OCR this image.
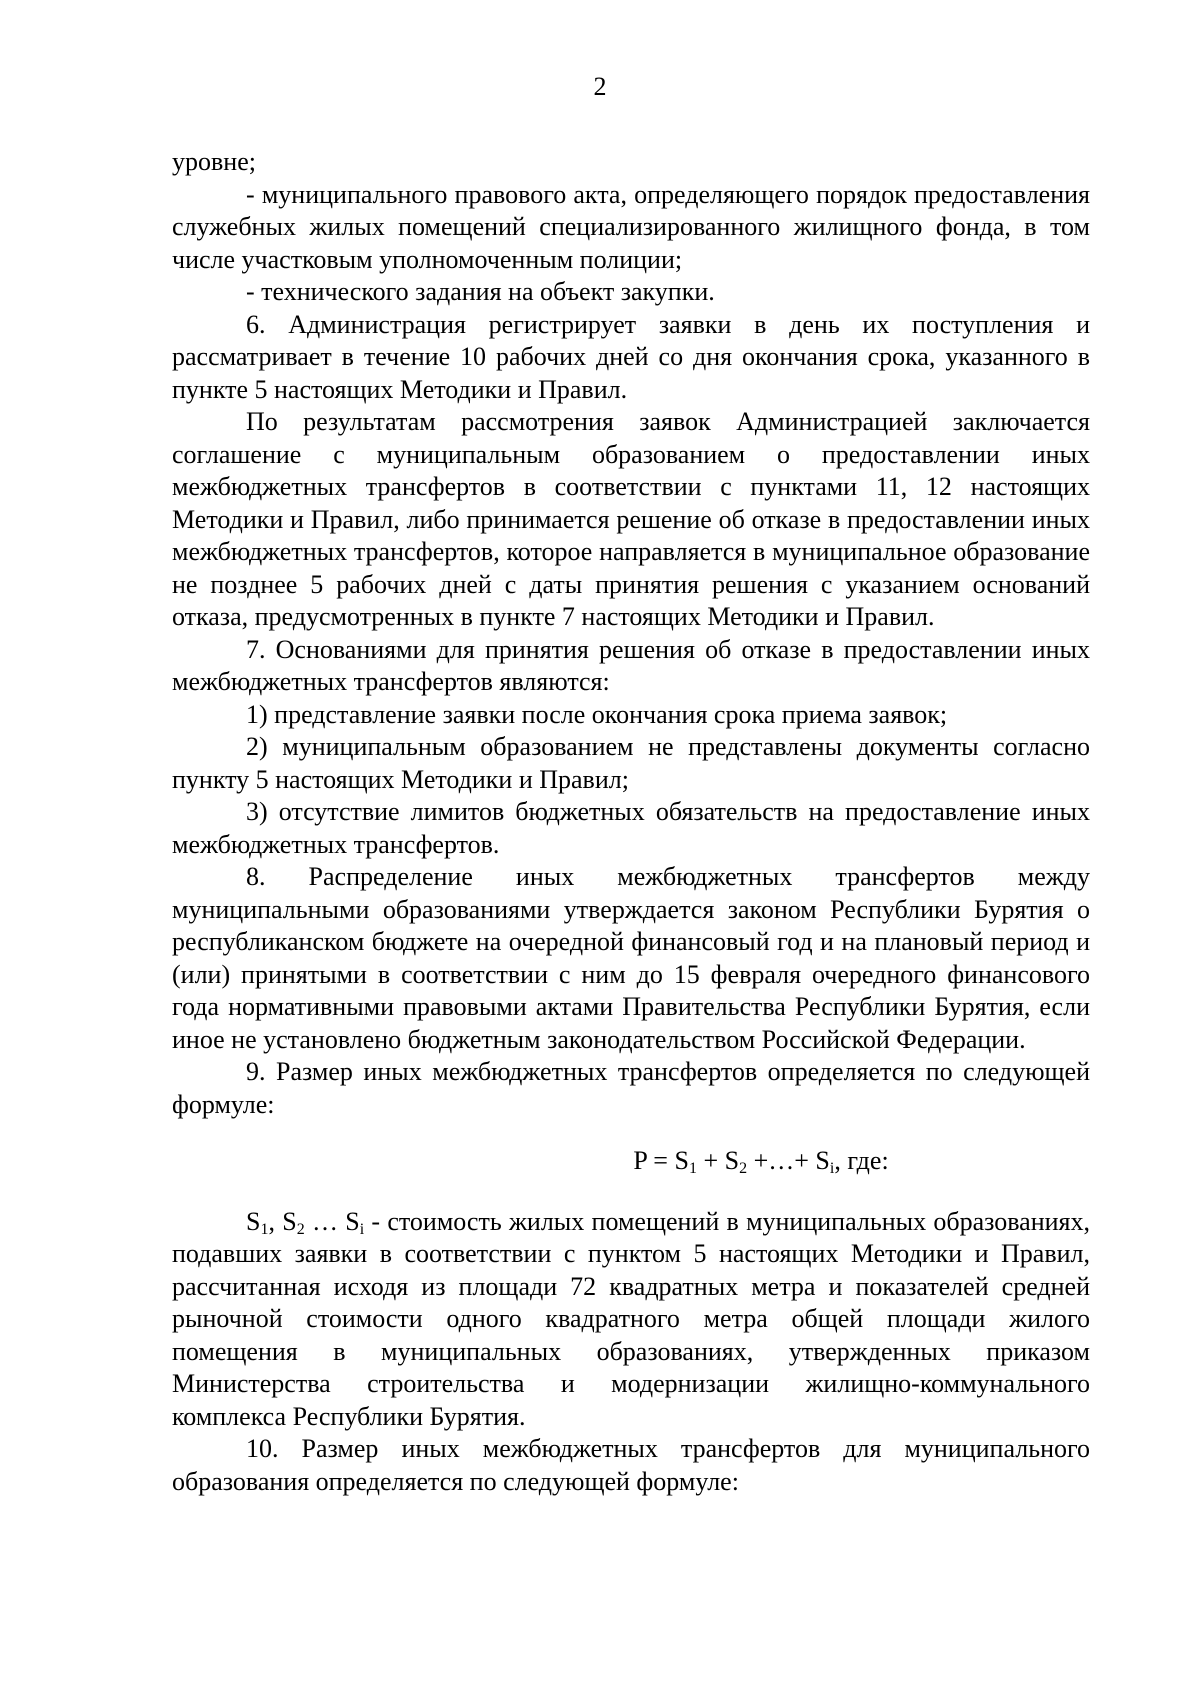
2

уровне;

- муниципального правового акта, определяющего порядок предоставления служебных жилых помещений специализированного жилищного фонда, в том числе участковым уполномоченным полиции;

- технического задания на объект закупки.

6. Администрация регистрирует заявки в день их поступления и рассматривает в течение 10 рабочих дней со дня окончания срока, указанного в пункте 5 настоящих Методики и Правил.

По результатам рассмотрения заявок Администрацией заключается соглашение с муниципальным образованием о предоставлении иных межбюджетных трансфертов в соответствии с пунктами 11, 12 настоящих Методики и Правил, либо принимается решение об отказе в предоставлении иных межбюджетных трансфертов, которое направляется в муниципальное образование не позднее 5 рабочих дней с даты принятия решения с указанием оснований отказа, предусмотренных в пункте 7 настоящих Методики и Правил.

7. Основаниями для принятия решения об отказе в предоставлении иных межбюджетных трансфертов являются:

1) представление заявки после окончания срока приема заявок;

2) муниципальным образованием не представлены документы согласно пункту 5 настоящих Методики и Правил;

3) отсутствие лимитов бюджетных обязательств на предоставление иных межбюджетных трансфертов.

8. Распределение иных межбюджетных трансфертов между муниципальными образованиями утверждается законом Республики Бурятия о республиканском бюджете на очередной финансовый год и на плановый период и (или) принятыми в соответствии с ним до 15 февраля очередного финансового года нормативными правовыми актами Правительства Республики Бурятия, если иное не установлено бюджетным законодательством Российской Федерации.

9. Размер иных межбюджетных трансфертов определяется по следующей формуле:

$P = S_1 + S_2$ +…+ $S_i$, где:

$S_1$, $S_2$ … $S_i$ - стоимость жилых помещений в муниципальных образованиях, подавших заявки в соответствии с пунктом 5 настоящих Методики и Правил, рассчитанная исходя из площади 72 квадратных метра и показателей средней рыночной стоимости одного квадратного метра общей площади жилого помещения в муниципальных образованиях, утвержденных приказом Министерства строительства и модернизации жилищно-коммунального комплекса Республики Бурятия.

10. Размер иных межбюджетных трансфертов для муниципального образования определяется по следующей формуле:
